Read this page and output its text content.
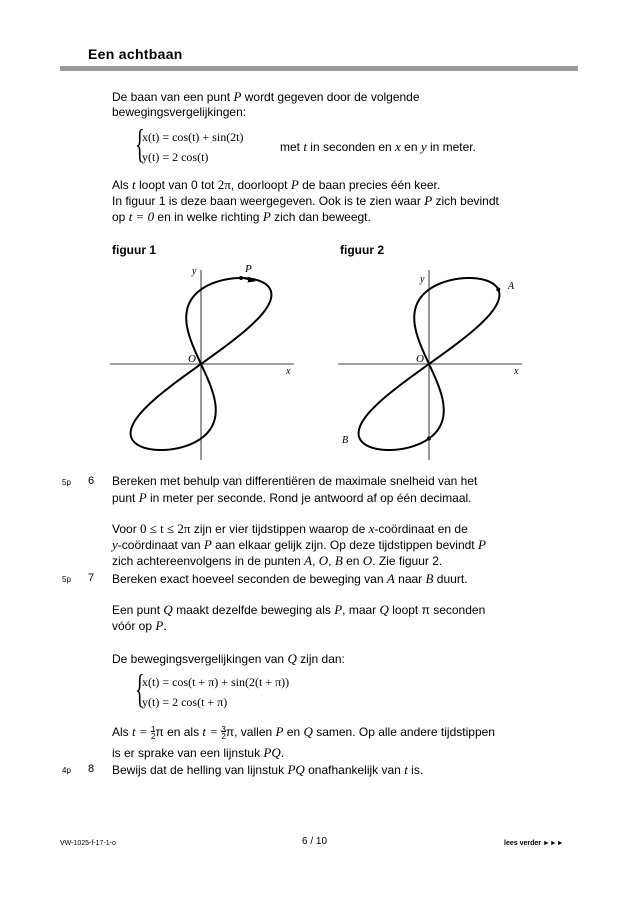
Een achtbaan
De baan van een punt P wordt gegeven door de volgende
bewegingsvergelijkingen:
{
x(t) = cos(t) + sin(2t)
y(t) = 2 cos(t)
met t in seconden en x en y in meter.
Als t loopt van 0 tot 2π, doorloopt P de baan precies één keer.
In figuur 1 is deze baan weergegeven. Ook is te zien waar P zich bevindt
op t = 0 en in welke richting P zich dan beweegt.
figuur 1	figuur 2
y
x
O
P
y
x
O
A
B
5p 6 Bereken met behulp van differentiëren de maximale snelheid van het
punt P in meter per seconde. Rond je antwoord af op één decimaal.
Voor 0 ≤ t ≤ 2π zijn er vier tijdstippen waarop de x-coördinaat en de
y-coördinaat van P aan elkaar gelijk zijn. Op deze tijdstippen bevindt P
zich achtereenvolgens in de punten A, O, B en O. Zie figuur 2.
5p 7 Bereken exact hoeveel seconden de beweging van A naar B duurt.
Een punt Q maakt dezelfde beweging als P, maar Q loopt π seconden
vóór op P.
De bewegingsvergelijkingen van Q zijn dan:
{
x(t) = cos(t + π) + sin(2(t + π))
y(t) = 2 cos(t + π)
Als t = 1
2π en als t = 3
2π, vallen P en Q samen. Op alle andere tijdstippen
is er sprake van een lijnstuk PQ.
4p 8 Bewijs dat de helling van lijnstuk PQ onafhankelijk van t is.
VW-1025-f-17-1-o	6 / 10	lees verder ►►►
